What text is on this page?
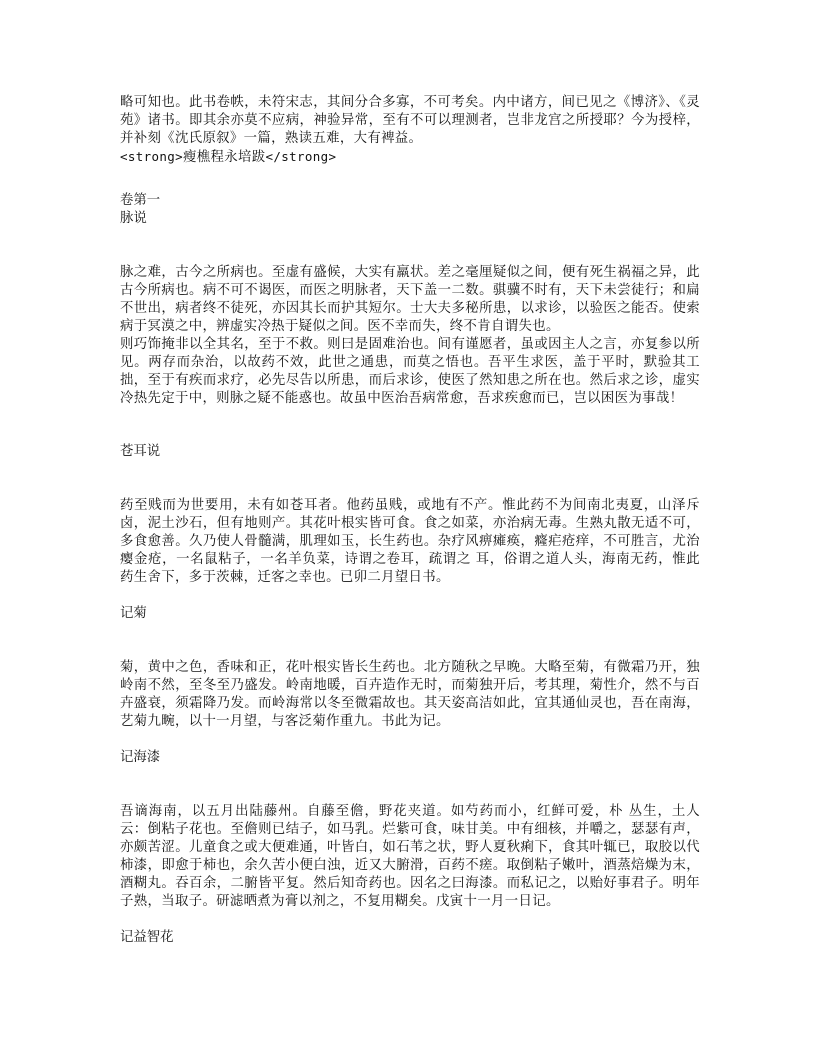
略可知也。此书卷帙，未符宋志，其间分合多寡，不可考矣。内中诸方，间已见之《博济》、《灵苑》诸书。即其余亦莫不应病，神验异常，至有不可以理测者，岂非龙宫之所授耶？今为授梓，并补刻《沈氏原叙》一篇，熟读五难，大有裨益。

<strong>瘦樵程永培跋</strong>

卷第一
脉说

脉之难，古今之所病也。至虚有盛候，大实有羸状。差之毫厘疑似之间，便有死生祸福之异，此古今所病也。病不可不谒医，而医之明脉者，天下盖一二数。骐骥不时有，天下未尝徒行；和扁不世出，病者终不徒死，亦因其长而护其短尔。士大夫多秘所患，以求诊，以验医之能否。使索病于冥漠之中，辨虚实冷热于疑似之间。医不幸而失，终不肯自谓失也。

则巧饰掩非以全其名，至于不救。则曰是固难治也。间有谨愿者，虽或因主人之言，亦复参以所见。两存而杂治，以故药不效，此世之通患，而莫之悟也。吾平生求医，盖于平时，默验其工拙，至于有疾而求疗，必先尽告以所患，而后求诊，使医了然知患之所在也。然后求之诊，虚实冷热先定于中，则脉之疑不能惑也。故虽中医治吾病常愈，吾求疾愈而已，岂以困医为事哉！

苍耳说

药至贱而为世要用，未有如苍耳者。他药虽贱，或地有不产。惟此药不为间南北夷夏，山泽斥卤，泥土沙石，但有地则产。其花叶根实皆可食。食之如菜，亦治病无毒。生熟丸散无适不可，多食愈善。久乃使人骨髓满，肌理如玉，长生药也。杂疗风痹瘫痪，癃疟疮痒，不可胜言，尤治瘿金疮，一名鼠粘子，一名羊负菜，诗谓之卷耳，疏谓之 耳，俗谓之道人头，海南无药，惟此药生舍下，多于茨棘，迁客之幸也。已卯二月望日书。

记菊

菊，黄中之色，香味和正，花叶根实皆长生药也。北方随秋之早晚。大略至菊，有微霜乃开，独岭南不然，至冬至乃盛发。岭南地暖，百卉造作无时，而菊独开后，考其理，菊性介，然不与百卉盛衰，须霜降乃发。而岭海常以冬至微霜故也。其天姿高洁如此，宜其通仙灵也，吾在南海，艺菊九畹，以十一月望，与客泛菊作重九。书此为记。

记海漆

吾谪海南，以五月出陆藤州。自藤至儋，野花夹道。如芍药而小，红鲜可爱，朴 丛生，土人云：倒粘子花也。至儋则已结子，如马乳。烂紫可食，味甘美。中有细核，并嚼之，瑟瑟有声，亦颇苦涩。儿童食之或大便难通，叶皆白，如石苇之状，野人夏秋痢下，食其叶辄已，取胶以代柿漆，即愈于柿也，余久苦小便白浊，近又大腑滑，百药不瘥。取倒粘子嫩叶，酒蒸焙燥为末，酒糊丸。吞百余，二腑皆平复。然后知奇药也。因名之曰海漆。而私记之，以贻好事君子。明年子熟，当取子。研滤晒煮为膏以剂之，不复用糊矣。戊寅十一月一日记。

记益智花
